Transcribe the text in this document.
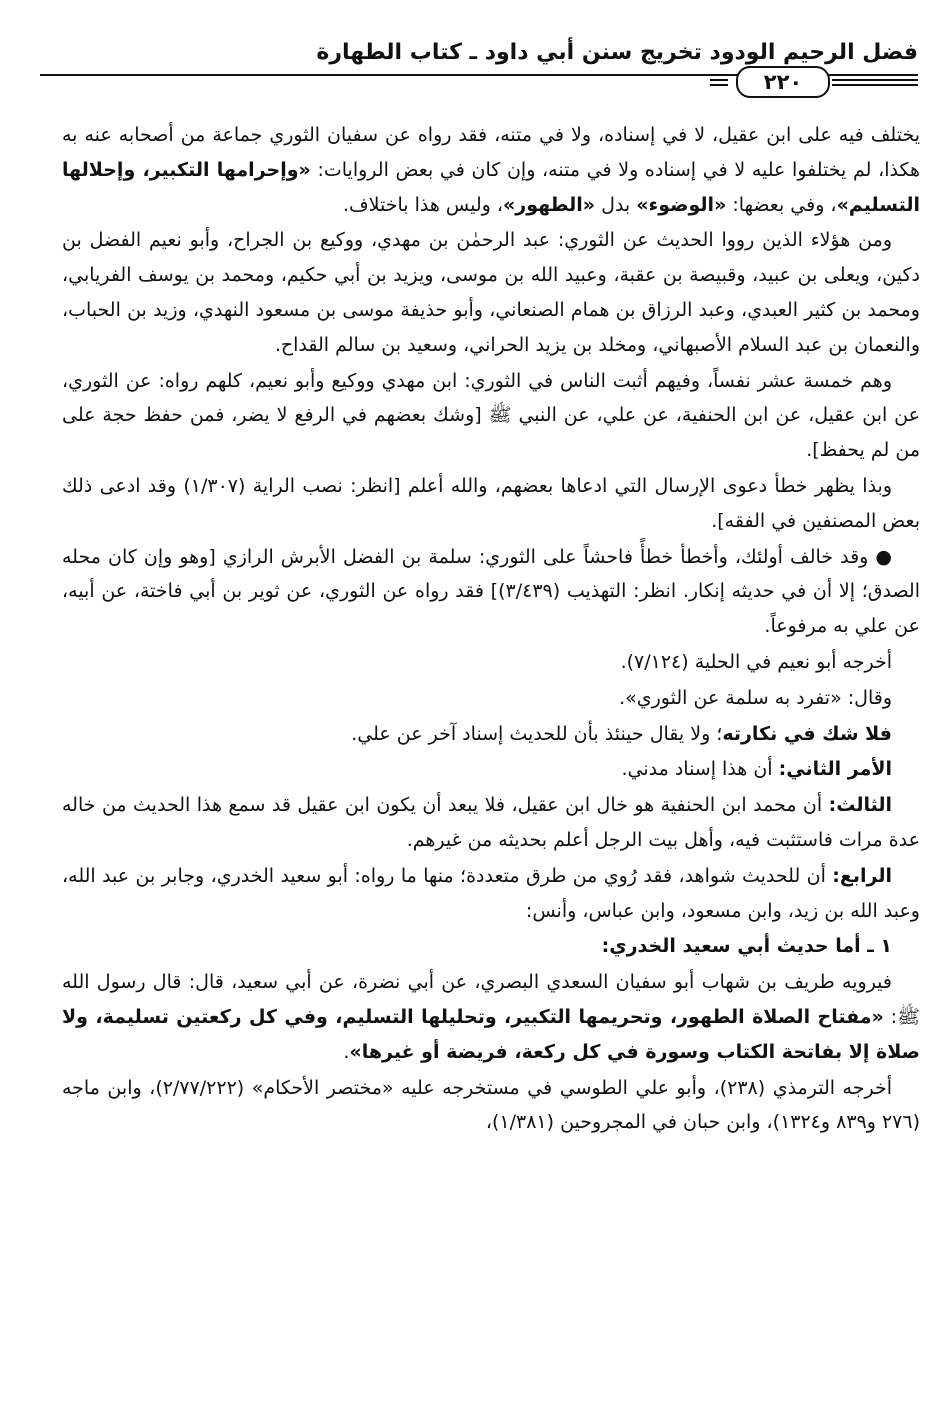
فضل الرحيم الودود تخريج سنن أبي داود ـ كتاب الطهارة
٢٢٠

يختلف فيه على ابن عقيل، لا في إسناده، ولا في متنه، فقد رواه عن سفيان الثوري جماعة من أصحابه عنه به هكذا، لم يختلفوا عليه لا في إسناده ولا في متنه، وإن كان في بعض الروايات: «وإحرامها التكبير، وإحلالها التسليم»، وفي بعضها: «الوضوء» بدل «الطهور»، وليس هذا باختلاف.

ومن هؤلاء الذين رووا الحديث عن الثوري: عبد الرحمٰن بن مهدي، ووكيع بن الجراح، وأبو نعيم الفضل بن دكين، ويعلى بن عبيد، وقبيصة بن عقبة، وعبيد الله بن موسى، ويزيد بن أبي حكيم، ومحمد بن يوسف الفريابي، ومحمد بن كثير العبدي، وعبد الرزاق بن همام الصنعاني، وأبو حذيفة موسى بن مسعود النهدي، وزيد بن الحباب، والنعمان بن عبد السلام الأصبهاني، ومخلد بن يزيد الحراني، وسعيد بن سالم القداح.

وهم خمسة عشر نفساً، وفيهم أثبت الناس في الثوري: ابن مهدي ووكيع وأبو نعيم، كلهم رواه: عن الثوري، عن ابن عقيل، عن ابن الحنفية، عن علي، عن النبي ﷺ [وشك بعضهم في الرفع لا يضر، فمن حفظ حجة على من لم يحفظ].

وبذا يظهر خطأ دعوى الإرسال التي ادعاها بعضهم، والله أعلم [انظر: نصب الراية (١/٣٠٧) وقد ادعى ذلك بعض المصنفين في الفقه].

● وقد خالف أولئك، وأخطأ خطأً فاحشاً على الثوري: سلمة بن الفضل الأبرش الرازي [وهو وإن كان محله الصدق؛ إلا أن في حديثه إنكار. انظر: التهذيب (٣/٤٣٩)] فقد رواه عن الثوري، عن ثوير بن أبي فاختة، عن أبيه، عن علي به مرفوعاً.

أخرجه أبو نعيم في الحلية (٧/١٢٤).

وقال: «تفرد به سلمة عن الثوري».

فلا شك في نكارته؛ ولا يقال حينئذ بأن للحديث إسناد آخر عن علي.

الأمر الثاني: أن هذا إسناد مدني.

الثالث: أن محمد ابن الحنفية هو خال ابن عقيل، فلا يبعد أن يكون ابن عقيل قد سمع هذا الحديث من خاله عدة مرات فاستثبت فيه، وأهل بيت الرجل أعلم بحديثه من غيرهم.

الرابع: أن للحديث شواهد، فقد رُوي من طرق متعددة؛ منها ما رواه: أبو سعيد الخدري، وجابر بن عبد الله، وعبد الله بن زيد، وابن مسعود، وابن عباس، وأنس:

١ ـ أما حديث أبي سعيد الخدري:

فيرويه طريف بن شهاب أبو سفيان السعدي البصري، عن أبي نضرة، عن أبي سعيد، قال: قال رسول الله ﷺ: «مفتاح الصلاة الطهور، وتحريمها التكبير، وتحليلها التسليم، وفي كل ركعتين تسليمة، ولا صلاة إلا بفاتحة الكتاب وسورة في كل ركعة، فريضة أو غيرها».

أخرجه الترمذي (٢٣٨)، وأبو علي الطوسي في مستخرجه عليه «مختصر الأحكام» (٢/٧٧/٢٢٢)، وابن ماجه (٢٧٦ و٨٣٩ و١٣٢٤)، وابن حبان في المجروحين (١/٣٨١)،
